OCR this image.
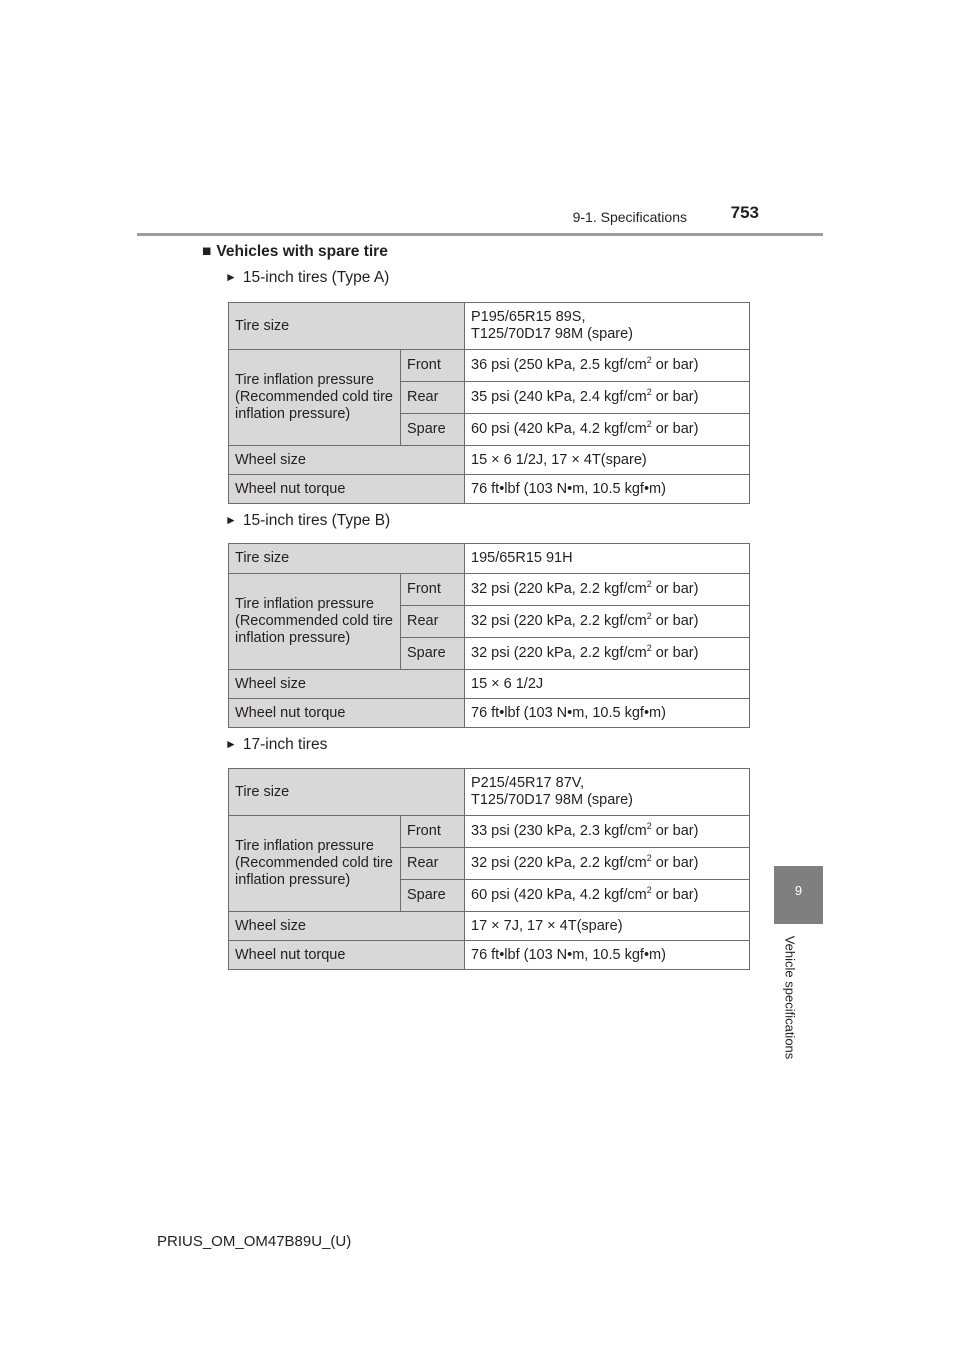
9-1. Specifications	753
9
Vehicle specifications
■ Vehicles with spare tire
► 15-inch tires (Type A)
Tire size		P195/65R15 89S,
T125/70D17 98M (spare)
Tire inflation pressure (Recommended cold tire inflation pressure)	Front	36 psi (250 kPa, 2.5 kgf/$cm^2$ or bar)
	Rear	35 psi (240 kPa, 2.4 kgf/$cm^2$ or bar)
	Spare	60 psi (420 kPa, 4.2 kgf/$cm^2$ or bar)
Wheel size		15 × 6 1/2J, 17 × 4T(spare)
Wheel nut torque		76 ft•lbf (103 N•m, 10.5 kgf•m)
► 15-inch tires (Type B)
Tire size		195/65R15 91H
Tire inflation pressure (Recommended cold tire inflation pressure)	Front	32 psi (220 kPa, 2.2 kgf/$cm^2$ or bar)
	Rear	32 psi (220 kPa, 2.2 kgf/$cm^2$ or bar)
	Spare	32 psi (220 kPa, 2.2 kgf/$cm^2$ or bar)
Wheel size		15 × 6 1/2J
Wheel nut torque		76 ft•lbf (103 N•m, 10.5 kgf•m)
► 17-inch tires
Tire size		P215/45R17 87V,
T125/70D17 98M (spare)
Tire inflation pressure (Recommended cold tire inflation pressure)	Front	33 psi (230 kPa, 2.3 kgf/$cm^2$ or bar)
	Rear	32 psi (220 kPa, 2.2 kgf/$cm^2$ or bar)
	Spare	60 psi (420 kPa, 4.2 kgf/$cm^2$ or bar)
Wheel size		17 × 7J, 17 × 4T(spare)
Wheel nut torque		76 ft•lbf (103 N•m, 10.5 kgf•m)
PRIUS_OM_OM47B89U_(U)
